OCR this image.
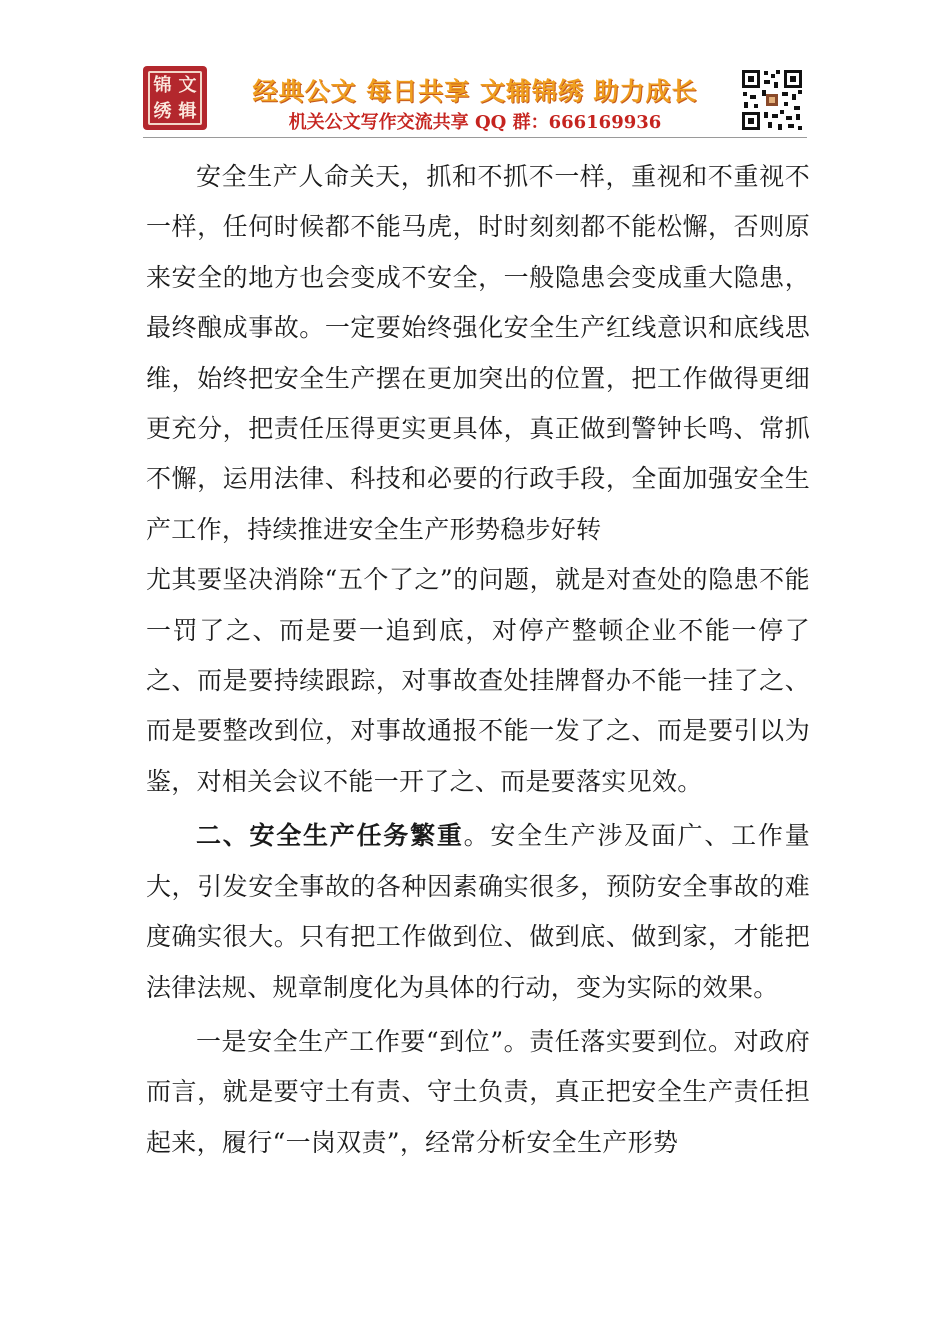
锦 文
绣 辑
经典公文 每日共享 文辅锦绣 助力成长
机关公文写作交流共享 QQ 群：666169936

安全生产人命关天，抓和不抓不一样，重视和不重视不一样，任何时候都不能马虎，时时刻刻都不能松懈，否则原来安全的地方也会变成不安全，一般隐患会变成重大隐患，最终酿成事故。一定要始终强化安全生产红线意识和底线思维，始终把安全生产摆在更加突出的位置，把工作做得更细更充分，把责任压得更实更具体，真正做到警钟长鸣、常抓不懈，运用法律、科技和必要的行政手段，全面加强安全生产工作，持续推进安全生产形势稳步好转
尤其要坚决消除“五个了之”的问题，就是对查处的隐患不能一罚了之、而是要一追到底，对停产整顿企业不能一停了之、而是要持续跟踪，对事故查处挂牌督办不能一挂了之、而是要整改到位，对事故通报不能一发了之、而是要引以为鉴，对相关会议不能一开了之、而是要落实见效。

二、安全生产任务繁重。安全生产涉及面广、工作量大，引发安全事故的各种因素确实很多，预防安全事故的难度确实很大。只有把工作做到位、做到底、做到家，才能把法律法规、规章制度化为具体的行动，变为实际的效果。

一是安全生产工作要“到位”。责任落实要到位。对政府而言，就是要守土有责、守土负责，真正把安全生产责任担起来，履行“一岗双责”，经常分析安全生产形势
